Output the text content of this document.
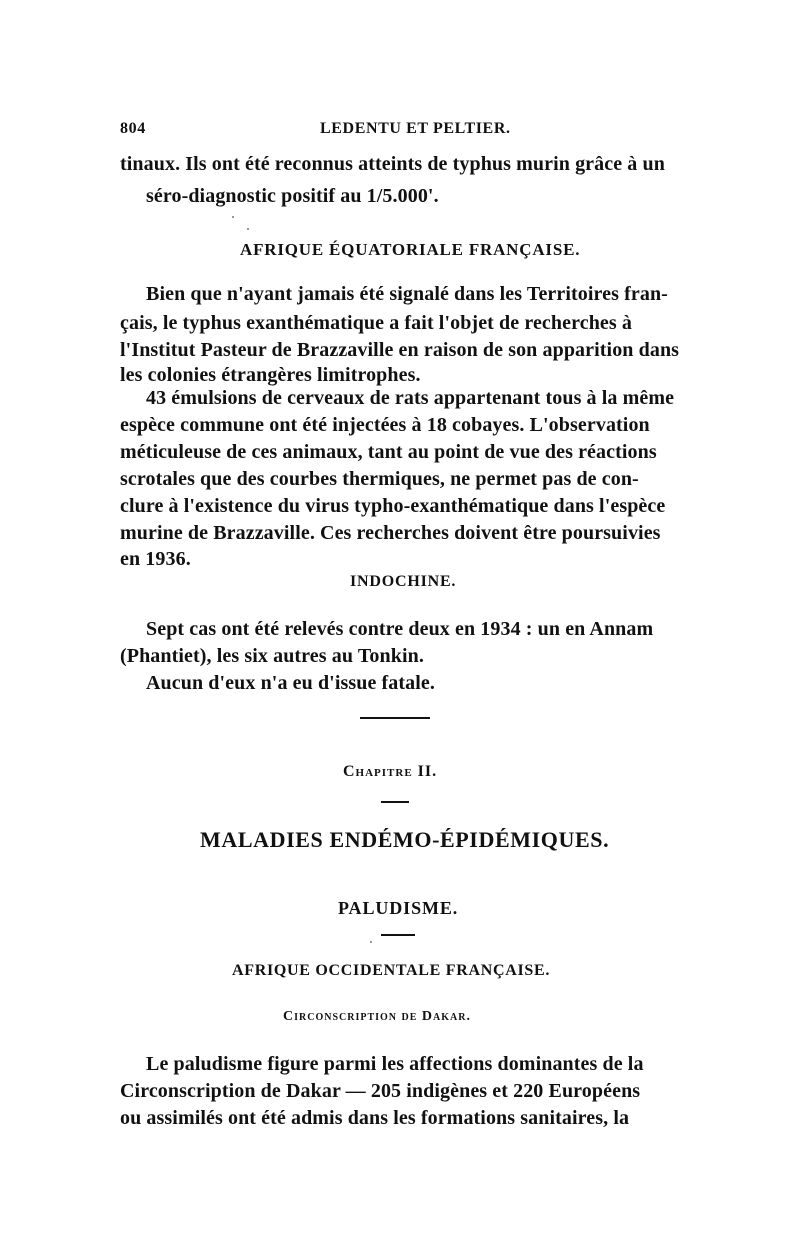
804	LEDENTU ET PELTIER.
tinaux. Ils ont été reconnus atteints de typhus murin grâce à un
séro-diagnostic positif au 1/5.000'.
AFRIQUE ÉQUATORIALE FRANÇAISE.
Bien que n'ayant jamais été signalé dans les Territoires fran-
çais, le typhus exanthématique a fait l'objet de recherches à
l'Institut Pasteur de Brazzaville en raison de son apparition dans
les colonies étrangères limitrophes.
43 émulsions de cerveaux de rats appartenant tous à la même
espèce commune ont été injectées à 18 cobayes. L'observation
méticuleuse de ces animaux, tant au point de vue des réactions
scrotales que des courbes thermiques, ne permet pas de con-
clure à l'existence du virus typho-exanthématique dans l'espèce
murine de Brazzaville. Ces recherches doivent être poursuivies
en 1936.
INDOCHINE.
Sept cas ont été relevés contre deux en 1934 : un en Annam
(Phantiet), les six autres au Tonkin.
Aucun d'eux n'a eu d'issue fatale.
Chapitre II.
MALADIES ENDÉMO-ÉPIDÉMIQUES.
PALUDISME.
AFRIQUE OCCIDENTALE FRANÇAISE.
Circonscription de Dakar.
Le paludisme figure parmi les affections dominantes de la
Circonscription de Dakar — 205 indigènes et 220 Européens
ou assimilés ont été admis dans les formations sanitaires, la
